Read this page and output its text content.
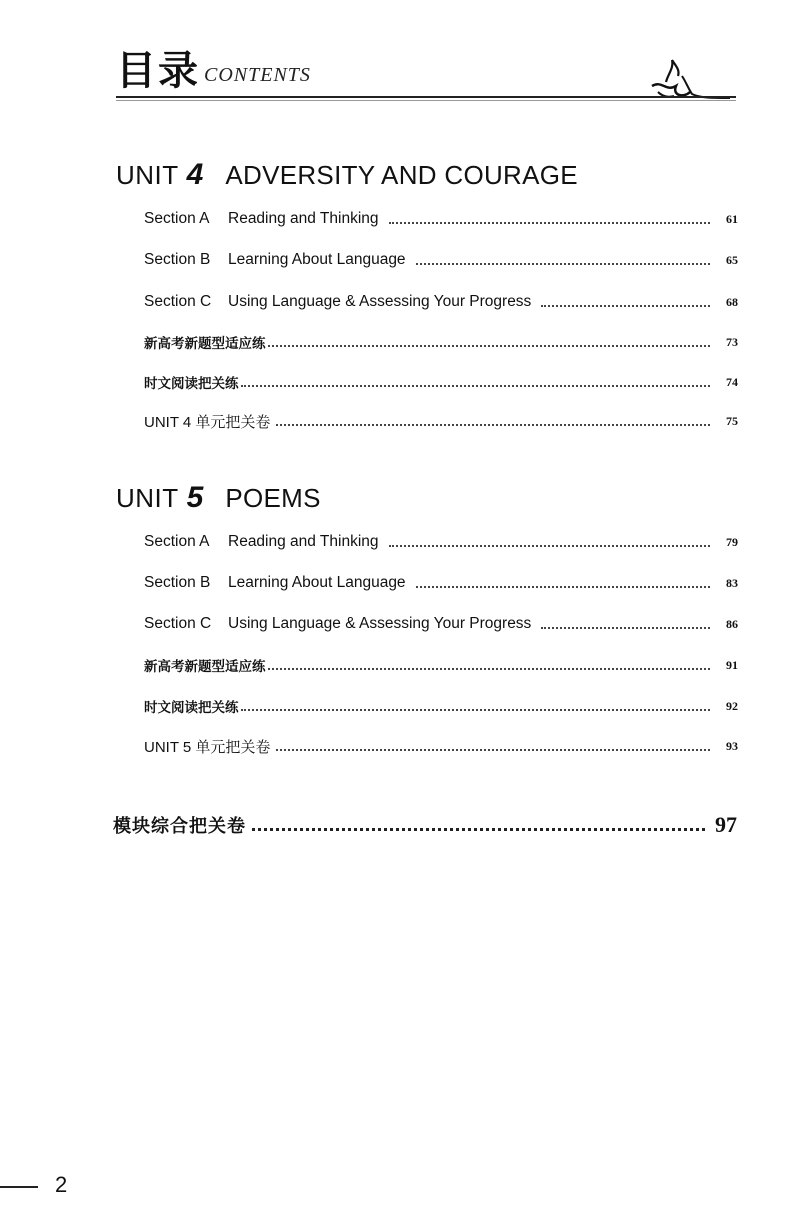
目录 CONTENTS
UNIT 4 ADVERSITY AND COURAGE
Section A	Reading and Thinking	61
Section B	Learning About Language	65
Section C	Using Language & Assessing Your Progress	68
新高考新题型适应练	73
时文阅读把关练	74
UNIT 4 单元把关卷	75
UNIT 5 POEMS
Section A	Reading and Thinking	79
Section B	Learning About Language	83
Section C	Using Language & Assessing Your Progress	86
新高考新题型适应练	91
时文阅读把关练	92
UNIT 5 单元把关卷	93
模块综合把关卷	97
2
